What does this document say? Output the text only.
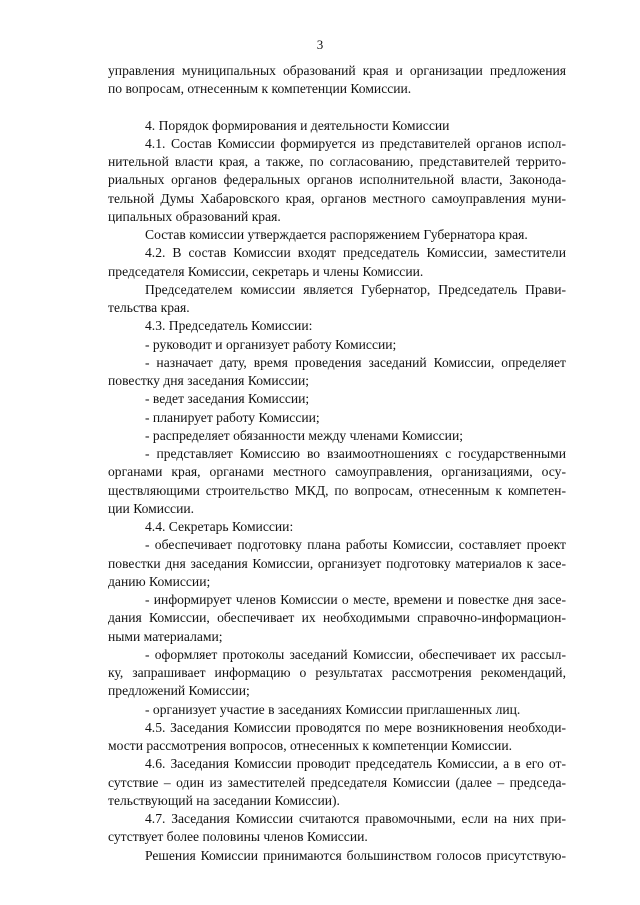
3
управления муниципальных образований края и организации предложения
по вопросам, отнесенным к компетенции Комиссии.
4. Порядок формирования и деятельности Комиссии
4.1. Состав Комиссии формируется из представителей органов испол-
нительной власти края, а также, по согласованию, представителей террито-
риальных органов федеральных органов исполнительной власти, Законода-
тельной Думы Хабаровского края, органов местного самоуправления муни-
ципальных образований края.
Состав комиссии утверждается распоряжением Губернатора края.
4.2. В состав Комиссии входят председатель Комиссии, заместители
председателя Комиссии, секретарь и члены Комиссии.
Председателем комиссии является Губернатор, Председатель Прави-
тельства края.
4.3. Председатель Комиссии:
- руководит и организует работу Комиссии;
- назначает дату, время проведения заседаний Комиссии, определяет
повестку дня заседания Комиссии;
- ведет заседания Комиссии;
- планирует работу Комиссии;
- распределяет обязанности между членами Комиссии;
- представляет Комиссию во взаимоотношениях с государственными
органами края, органами местного самоуправления, организациями, осу-
ществляющими строительство МКД, по вопросам, отнесенным к компетен-
ции Комиссии.
4.4. Секретарь Комиссии:
- обеспечивает подготовку плана работы Комиссии, составляет проект
повестки дня заседания Комиссии, организует подготовку материалов к засе-
данию Комиссии;
- информирует членов Комиссии о месте, времени и повестке дня засе-
дания Комиссии, обеспечивает их необходимыми справочно-информацион-
ными материалами;
- оформляет протоколы заседаний Комиссии, обеспечивает их рассыл-
ку, запрашивает информацию о результатах рассмотрения рекомендаций,
предложений Комиссии;
- организует участие в заседаниях Комиссии приглашенных лиц.
4.5. Заседания Комиссии проводятся по мере возникновения необходи-
мости рассмотрения вопросов, отнесенных к компетенции Комиссии.
4.6. Заседания Комиссии проводит председатель Комиссии, а в его от-
сутствие – один из заместителей председателя Комиссии (далее – председа-
тельствующий на заседании Комиссии).
4.7. Заседания Комиссии считаются правомочными, если на них при-
сутствует более половины членов Комиссии.
Решения Комиссии принимаются большинством голосов присутствую-
